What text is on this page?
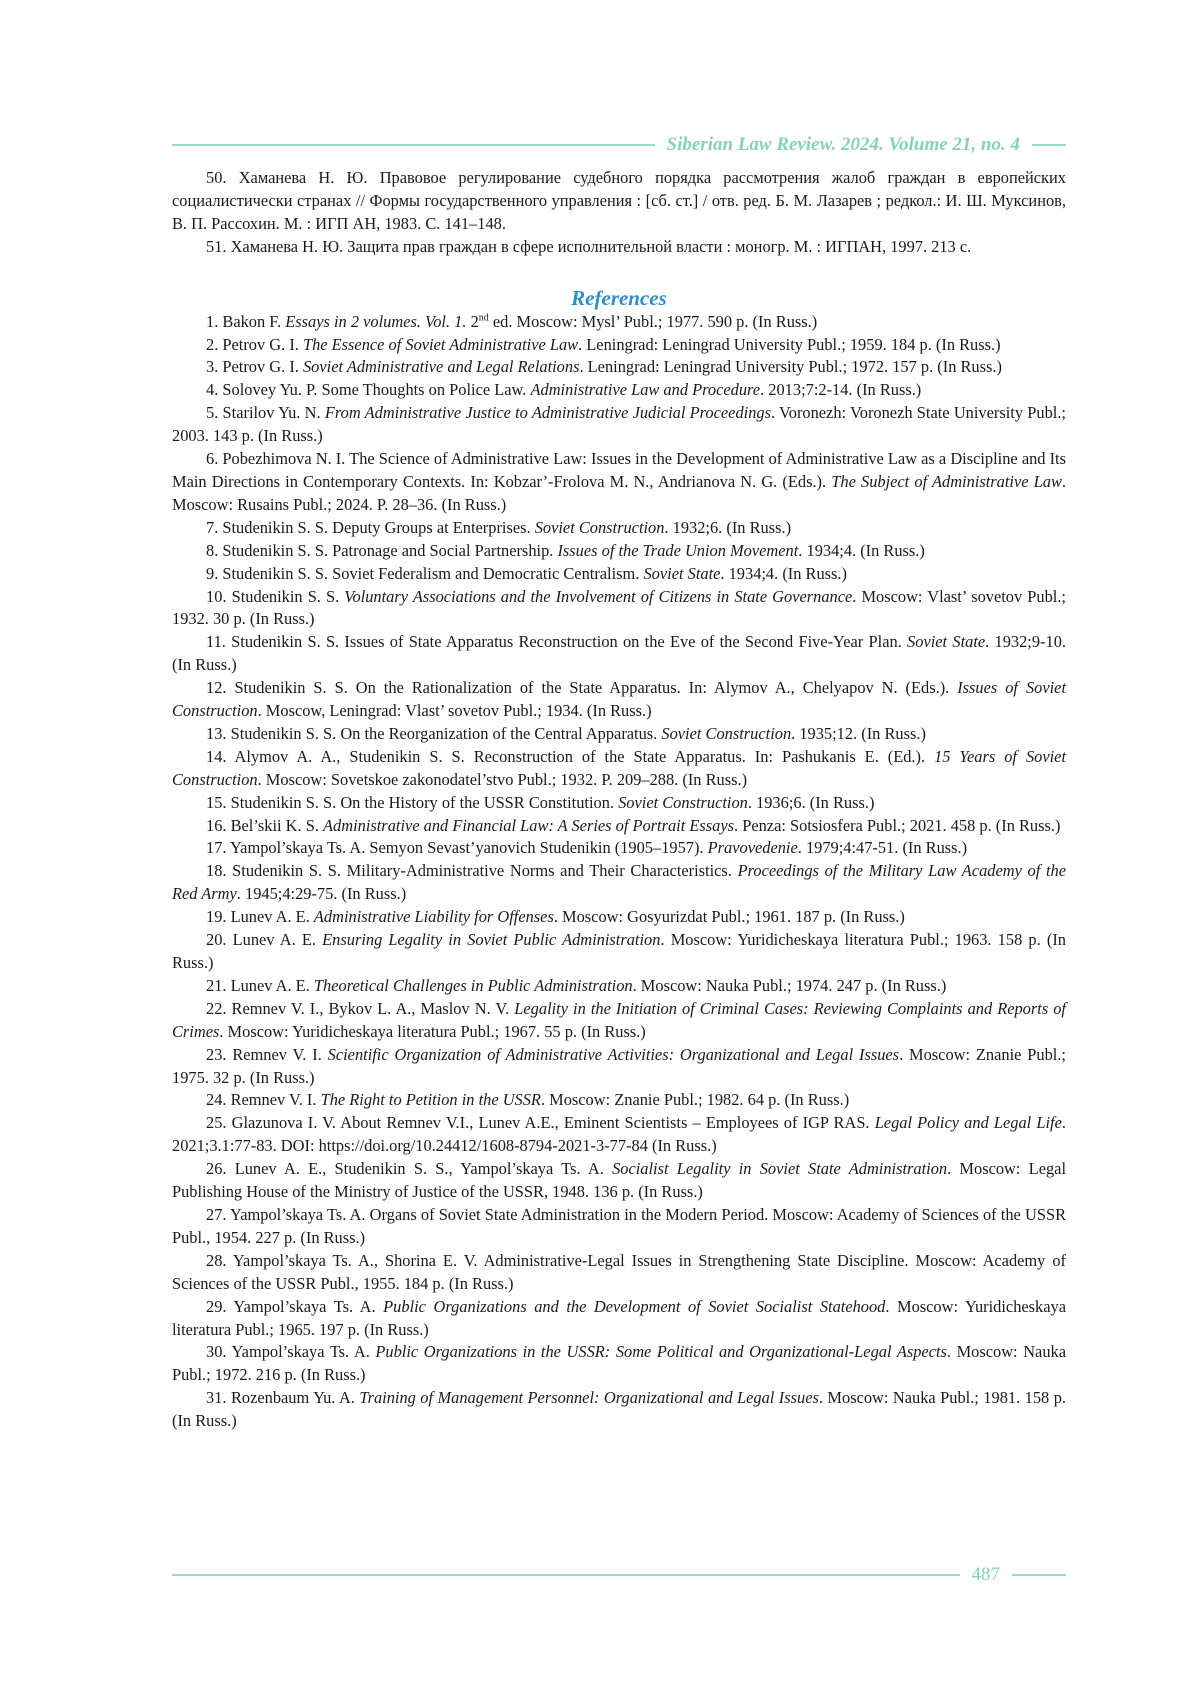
Siberian Law Review. 2024. Volume 21, no. 4

50. Хаманева Н. Ю. Правовое регулирование судебного порядка рассмотрения жалоб граждан в европейских социалистически странах // Формы государственного управления : [сб. ст.] / отв. ред. Б. М. Лазарев ; редкол.: И. Ш. Муксинов, В. П. Рассохин. М. : ИГП АН, 1983. С. 141–148.

51. Хаманева Н. Ю. Защита прав граждан в сфере исполнительной власти : моногр. М. : ИГПАН, 1997. 213 с.

References

1. Bakon F. Essays in 2 volumes. Vol. 1. 2nd ed. Moscow: Mysl’ Publ.; 1977. 590 p. (In Russ.)

2. Petrov G. I. The Essence of Soviet Administrative Law. Leningrad: Leningrad University Publ.; 1959. 184 p. (In Russ.)

3. Petrov G. I. Soviet Administrative and Legal Relations. Leningrad: Leningrad University Publ.; 1972. 157 p. (In Russ.)

4. Solovey Yu. P. Some Thoughts on Police Law. Administrative Law and Procedure. 2013;7:2-14. (In Russ.)

5. Starilov Yu. N. From Administrative Justice to Administrative Judicial Proceedings. Voronezh: Voronezh State University Publ.; 2003. 143 p. (In Russ.)

6. Pobezhimova N. I. The Science of Administrative Law: Issues in the Development of Administrative Law as a Discipline and Its Main Directions in Contemporary Contexts. In: Kobzar’-Frolova M. N., Andrianova N. G. (Eds.). The Subject of Administrative Law. Moscow: Rusains Publ.; 2024. P. 28–36. (In Russ.)

7. Studenikin S. S. Deputy Groups at Enterprises. Soviet Construction. 1932;6. (In Russ.)

8. Studenikin S. S. Patronage and Social Partnership. Issues of the Trade Union Movement. 1934;4. (In Russ.)

9. Studenikin S. S. Soviet Federalism and Democratic Centralism. Soviet State. 1934;4. (In Russ.)

10. Studenikin S. S. Voluntary Associations and the Involvement of Citizens in State Governance. Moscow: Vlast’ sovetov Publ.; 1932. 30 p. (In Russ.)

11. Studenikin S. S. Issues of State Apparatus Reconstruction on the Eve of the Second Five-Year Plan. Soviet State. 1932;9-10. (In Russ.)

12. Studenikin S. S. On the Rationalization of the State Apparatus. In: Alymov A., Chelyapov N. (Eds.). Issues of Soviet Construction. Moscow, Leningrad: Vlast’ sovetov Publ.; 1934. (In Russ.)

13. Studenikin S. S. On the Reorganization of the Central Apparatus. Soviet Construction. 1935;12. (In Russ.)

14. Alymov A. A., Studenikin S. S. Reconstruction of the State Apparatus. In: Pashukanis E. (Ed.). 15 Years of Soviet Construction. Moscow: Sovetskoe zakonodatel’stvo Publ.; 1932. P. 209–288. (In Russ.)

15. Studenikin S. S. On the History of the USSR Constitution. Soviet Construction. 1936;6. (In Russ.)

16. Bel’skii K. S. Administrative and Financial Law: A Series of Portrait Essays. Penza: Sotsiosfera Publ.; 2021. 458 p. (In Russ.)

17. Yampol’skaya Ts. A. Semyon Sevast’yanovich Studenikin (1905–1957). Pravovedenie. 1979;4:47-51. (In Russ.)

18. Studenikin S. S. Military-Administrative Norms and Their Characteristics. Proceedings of the Military Law Academy of the Red Army. 1945;4:29-75. (In Russ.)

19. Lunev A. E. Administrative Liability for Offenses. Moscow: Gosyurizdat Publ.; 1961. 187 p. (In Russ.)

20. Lunev A. E. Ensuring Legality in Soviet Public Administration. Moscow: Yuridicheskaya literatura Publ.; 1963. 158 p. (In Russ.)

21. Lunev A. E. Theoretical Challenges in Public Administration. Moscow: Nauka Publ.; 1974. 247 p. (In Russ.)

22. Remnev V. I., Bykov L. A., Maslov N. V. Legality in the Initiation of Criminal Cases: Reviewing Complaints and Reports of Crimes. Moscow: Yuridicheskaya literatura Publ.; 1967. 55 p. (In Russ.)

23. Remnev V. I. Scientific Organization of Administrative Activities: Organizational and Legal Issues. Moscow: Znanie Publ.; 1975. 32 p. (In Russ.)

24. Remnev V. I. The Right to Petition in the USSR. Moscow: Znanie Publ.; 1982. 64 p. (In Russ.)

25. Glazunova I. V. About Remnev V.I., Lunev A.E., Eminent Scientists – Employees of IGP RAS. Legal Policy and Legal Life. 2021;3.1:77-83. DOI: https://doi.org/10.24412/1608-8794-2021-3-77-84 (In Russ.)

26. Lunev A. E., Studenikin S. S., Yampol’skaya Ts. A. Socialist Legality in Soviet State Administration. Moscow: Legal Publishing House of the Ministry of Justice of the USSR, 1948. 136 p. (In Russ.)

27. Yampol’skaya Ts. A. Organs of Soviet State Administration in the Modern Period. Moscow: Academy of Sciences of the USSR Publ., 1954. 227 p. (In Russ.)

28. Yampol’skaya Ts. A., Shorina E. V. Administrative-Legal Issues in Strengthening State Discipline. Moscow: Academy of Sciences of the USSR Publ., 1955. 184 p. (In Russ.)

29. Yampol’skaya Ts. A. Public Organizations and the Development of Soviet Socialist Statehood. Moscow: Yuridicheskaya literatura Publ.; 1965. 197 p. (In Russ.)

30. Yampol’skaya Ts. A. Public Organizations in the USSR: Some Political and Organizational-Legal Aspects. Moscow: Nauka Publ.; 1972. 216 p. (In Russ.)

31. Rozenbaum Yu. A. Training of Management Personnel: Organizational and Legal Issues. Moscow: Nauka Publ.; 1981. 158 p. (In Russ.)

487
